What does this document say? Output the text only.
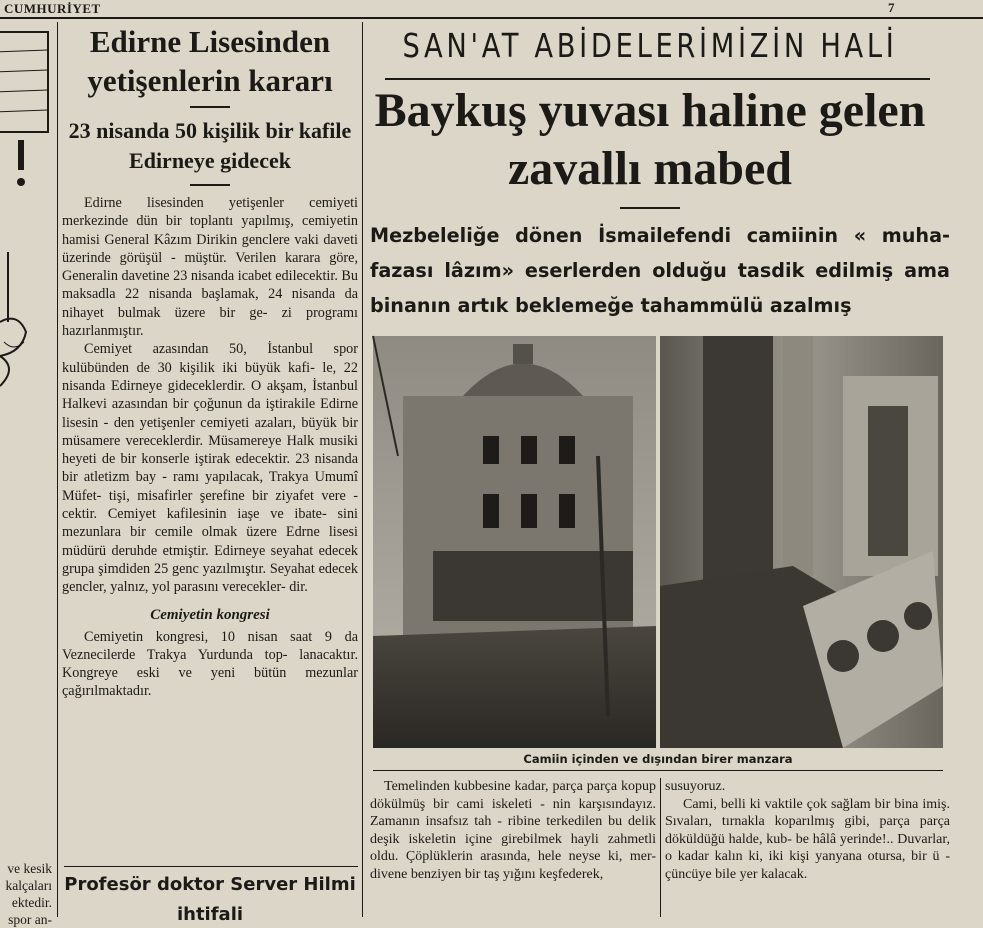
CUMHURİYET	7
ve kesik
kalçaları
ektedir.
spor an-
Edirne Lisesinden yetişenlerin kararı
23 nisanda 50 kişilik bir kafile Edirneye gidecek

Edirne lisesinden yetişenler cemiyeti merkezinde dün bir toplantı yapılmış, cemiyetin hamisi General Kâzım Dirikin genclere vaki daveti üzerinde görüşül - müştür. Verilen karara göre, Generalin davetine 23 nisanda icabet edilecektir. Bu maksadla 22 nisanda başlamak, 24 nisanda da nihayet bulmak üzere bir ge- zi programı hazırlanmıştır.

Cemiyet azasından 50, İstanbul spor kulübünden de 30 kişilik iki büyük kafi- le, 22 nisanda Edirneye gideceklerdir. O akşam, İstanbul Halkevi azasından bir çoğunun da iştirakile Edirne lisesin - den yetişenler cemiyeti azaları, büyük bir müsamere vereceklerdir. Müsamereye Halk musiki heyeti de bir konserle iştirak edecektir. 23 nisanda bir atletizm bay - ramı yapılacak, Trakya Umumî Müfet- tişi, misafirler şerefine bir ziyafet vere - cektir. Cemiyet kafilesinin iaşe ve ibate- sini mezunlara bir cemile olmak üzere Edrne lisesi müdürü deruhde etmiştir. Edirneye seyahat edecek grupa şimdiden 25 genc yazılmıştır. Seyahat edecek gencler, yalnız, yol parasını verecekler- dir.

Cemiyetin kongresi

Cemiyetin kongresi, 10 nisan saat 9 da Veznecilerde Trakya Yurdunda top- lanacaktır. Kongreye eski ve yeni bütün mezunlar çağırılmaktadır.

Profesör doktor Server Hilmi
ihtifali
SAN'AT ABİDELERİMİZİN HALİ
Baykuş yuvası haline gelen zavallı mabed
Mezbeleliğe dönen İsmailefendi camiinin « muha- fazası lâzım» eserlerden olduğu tasdik edilmiş ama binanın artık beklemeğe tahammülü azalmış
Camiin içinden ve dışından birer manzara

Temelinden kubbesine kadar, parça parça kopup dökülmüş bir cami iskeleti - nin karşısındayız. Zamanın insafsız tah - ribine terkedilen bu delik deşik iskeletin içine girebilmek hayli zahmetli oldu. Çöplüklerin arasında, hele neyse ki, mer- divene benziyen bir taş yığını keşfederek,

susuyoruz.

Cami, belli ki vaktile çok sağlam bir bina imiş. Sıvaları, tırnakla koparılmış gibi, parça parça döküldüğü halde, kub- be hâlâ yerinde!.. Duvarlar, o kadar kalın ki, iki kişi yanyana otursa, bir ü - çüncüye bile yer kalacak.
